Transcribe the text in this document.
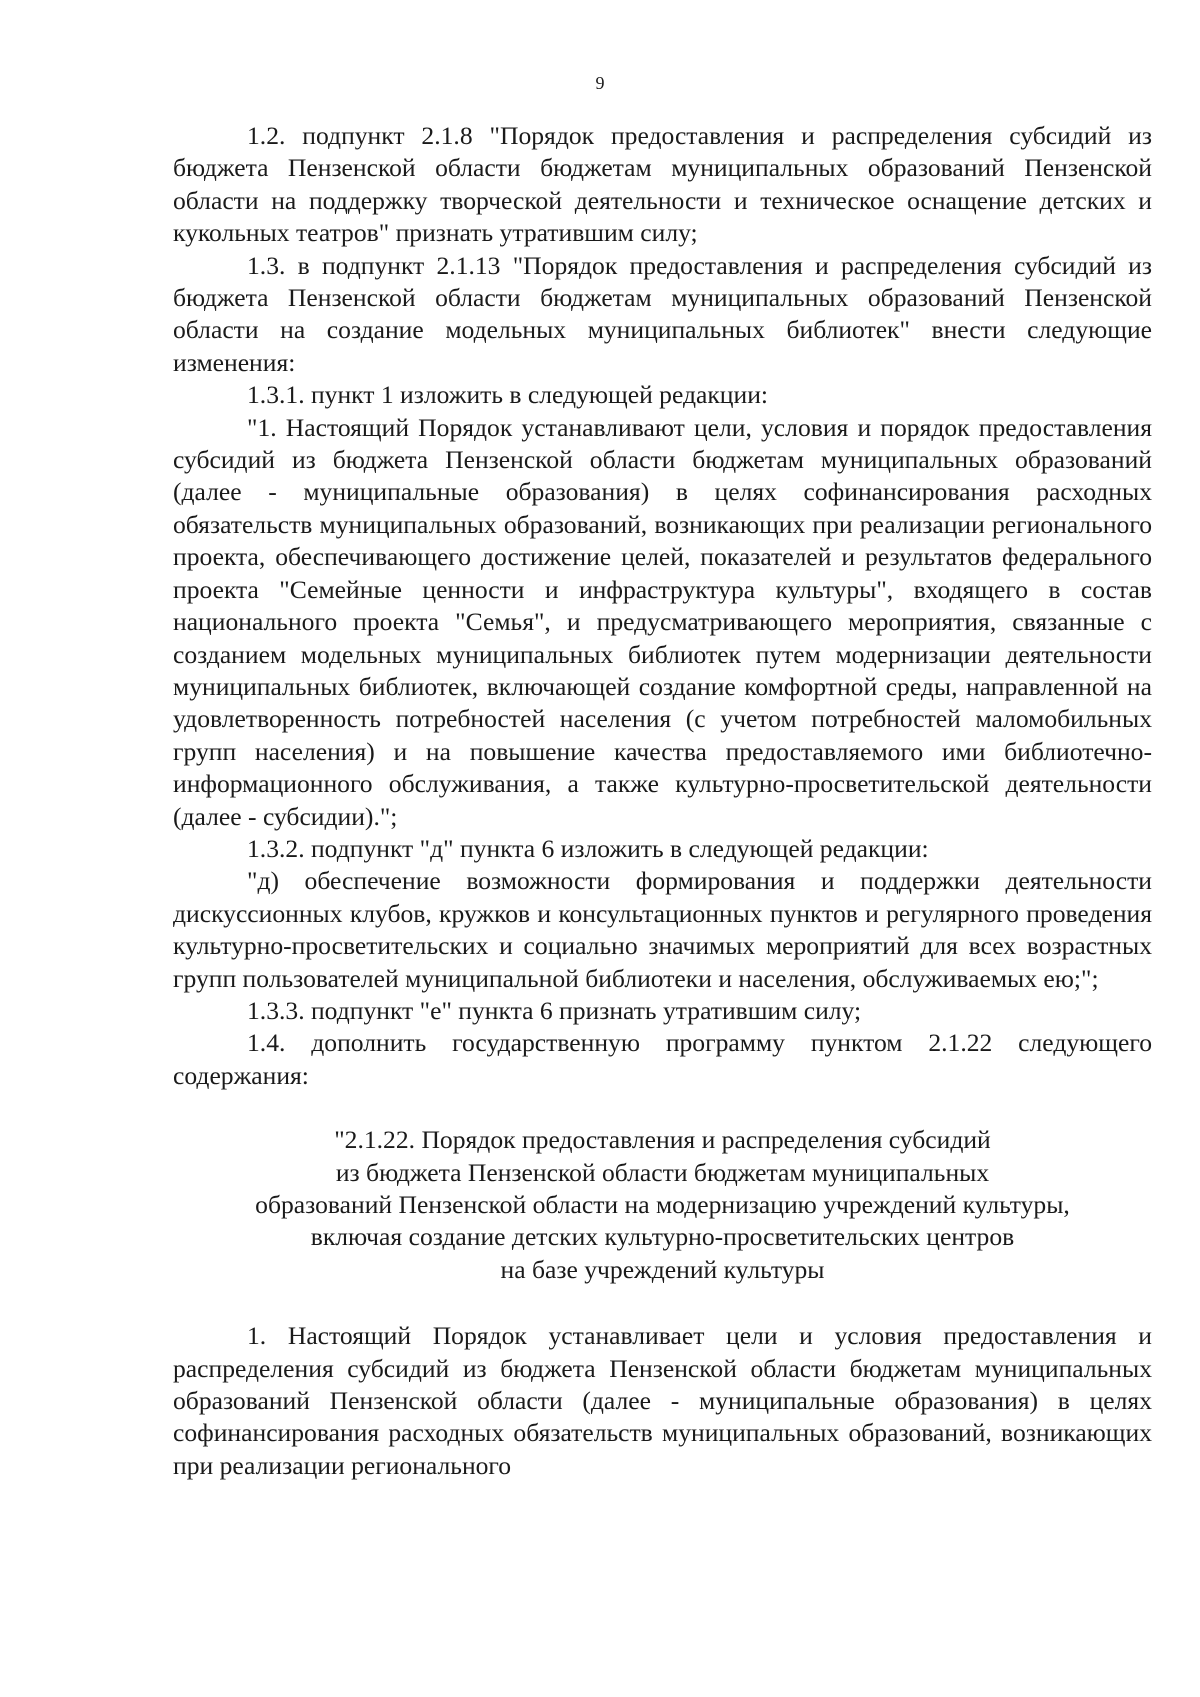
9

1.2. подпункт 2.1.8 "Порядок предоставления и распределения субсидий из бюджета Пензенской области бюджетам муниципальных образований Пензенской области на поддержку творческой деятельности и техническое оснащение детских и кукольных театров" признать утратившим силу;

1.3. в подпункт 2.1.13 "Порядок предоставления и распределения субсидий из бюджета Пензенской области бюджетам муниципальных образований Пензенской области на создание модельных муниципальных библиотек" внести следующие изменения:

1.3.1. пункт 1 изложить в следующей редакции:

"1. Настоящий Порядок устанавливают цели, условия и порядок предоставления субсидий из бюджета Пензенской области бюджетам муниципальных образований (далее - муниципальные образования) в целях софинансирования расходных обязательств муниципальных образований, возникающих при реализации регионального проекта, обеспечивающего достижение целей, показателей и результатов федерального проекта "Семейные ценности и инфраструктура культуры", входящего в состав национального проекта "Семья", и предусматривающего мероприятия, связанные с созданием модельных муниципальных библиотек путем модернизации деятельности муниципальных библиотек, включающей создание комфортной среды, направленной на удовлетворенность потребностей населения (с учетом потребностей маломобильных групп населения) и на повышение качества предоставляемого ими библиотечно-информационного обслуживания, а также культурно-просветительской деятельности (далее - субсидии).";

1.3.2. подпункт "д" пункта 6 изложить в следующей редакции:

"д) обеспечение возможности формирования и поддержки деятельности дискуссионных клубов, кружков и консультационных пунктов и регулярного проведения культурно-просветительских и социально значимых мероприятий для всех возрастных групп пользователей муниципальной библиотеки и населения, обслуживаемых ею;";

1.3.3. подпункт "е" пункта 6 признать утратившим силу;

1.4. дополнить государственную программу пунктом 2.1.22 следующего содержания:

"2.1.22. Порядок предоставления и распределения субсидий

из бюджета Пензенской области бюджетам муниципальных

образований Пензенской области на модернизацию учреждений культуры,

включая создание детских культурно-просветительских центров

на базе учреждений культуры

1. Настоящий Порядок устанавливает цели и условия предоставления и распределения субсидий из бюджета Пензенской области бюджетам муниципальных образований Пензенской области (далее - муниципальные образования) в целях софинансирования расходных обязательств муниципальных образований, возникающих при реализации регионального
